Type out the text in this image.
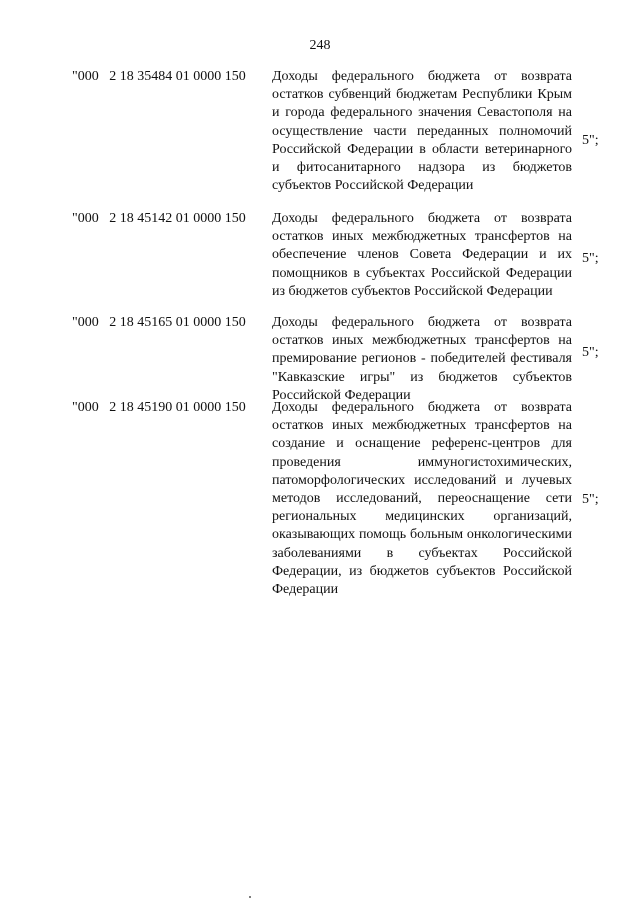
248
"000   2 18 35484 01 0000 150 Доходы федерального бюджета от возврата остатков субвенций бюджетам Республики Крым и города федерального значения Севастополя на осуществление части переданных полномочий Российской Федерации в области ветеринарного и фитосанитарного надзора из бюджетов субъектов Российской Федерации
5";
"000   2 18 45142 01 0000 150 Доходы федерального бюджета от возврата остатков иных межбюджетных трансфертов на обеспечение членов Совета Федерации и их помощников в субъектах Российской Федерации из бюджетов субъектов Российской Федерации
5";
"000   2 18 45165 01 0000 150 Доходы федерального бюджета от возврата остатков иных межбюджетных трансфертов на премирование регионов - победителей фестиваля "Кавказские игры" из бюджетов субъектов Российской Федерации
5";
"000   2 18 45190 01 0000 150 Доходы федерального бюджета от возврата остатков иных межбюджетных трансфертов на создание и оснащение референс-центров для проведения иммуногистохимических, патоморфологических исследований и лучевых методов исследований, переоснащение сети региональных медицинских организаций, оказывающих помощь больным онкологическими заболеваниями в субъектах Российской Федерации, из бюджетов субъектов Российской Федерации
5";
